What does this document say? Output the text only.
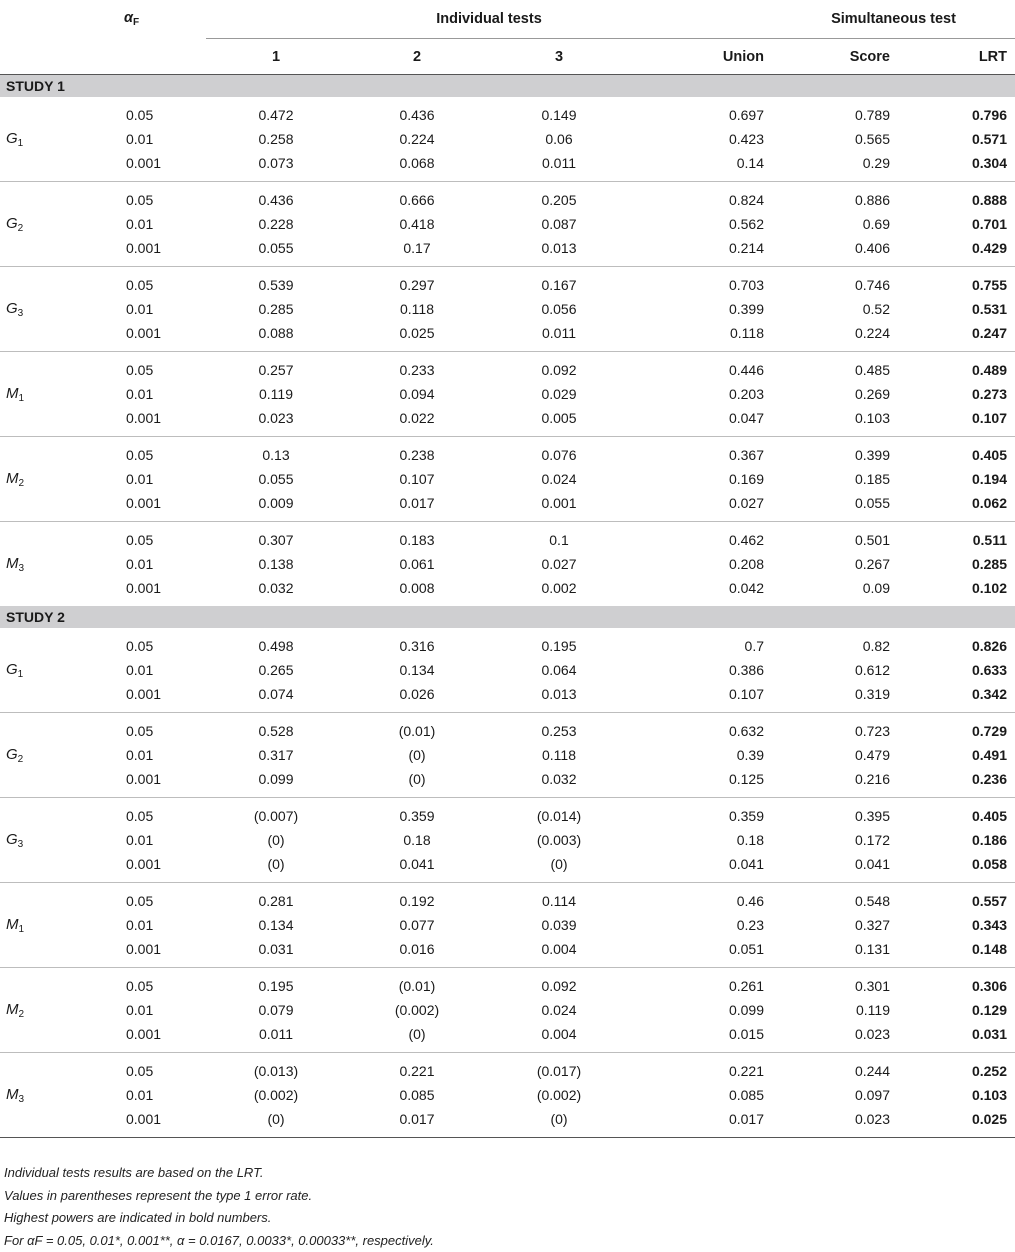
	$\alpha_F$	Individual tests				Simultaneous test	
		1	2	3	Union	Score	LRT
STUDY 1							
	0.05	0.472	0.436	0.149	0.697	0.789	0.796
$G_1$	0.01	0.258	0.224	0.06	0.423	0.565	0.571
	0.001	0.073	0.068	0.011	0.14	0.29	0.304
	0.05	0.436	0.666	0.205	0.824	0.886	0.888
$G_2$	0.01	0.228	0.418	0.087	0.562	0.69	0.701
	0.001	0.055	0.17	0.013	0.214	0.406	0.429
	0.05	0.539	0.297	0.167	0.703	0.746	0.755
$G_3$	0.01	0.285	0.118	0.056	0.399	0.52	0.531
	0.001	0.088	0.025	0.011	0.118	0.224	0.247
	0.05	0.257	0.233	0.092	0.446	0.485	0.489
$M_1$	0.01	0.119	0.094	0.029	0.203	0.269	0.273
	0.001	0.023	0.022	0.005	0.047	0.103	0.107
	0.05	0.13	0.238	0.076	0.367	0.399	0.405
$M_2$	0.01	0.055	0.107	0.024	0.169	0.185	0.194
	0.001	0.009	0.017	0.001	0.027	0.055	0.062
	0.05	0.307	0.183	0.1	0.462	0.501	0.511
$M_3$	0.01	0.138	0.061	0.027	0.208	0.267	0.285
	0.001	0.032	0.008	0.002	0.042	0.09	0.102
STUDY 2							
	0.05	0.498	0.316	0.195	0.7	0.82	0.826
$G_1$	0.01	0.265	0.134	0.064	0.386	0.612	0.633
	0.001	0.074	0.026	0.013	0.107	0.319	0.342
	0.05	0.528	(0.01)	0.253	0.632	0.723	0.729
$G_2$	0.01	0.317	(0)	0.118	0.39	0.479	0.491
	0.001	0.099	(0)	0.032	0.125	0.216	0.236
	0.05	(0.007)	0.359	(0.014)	0.359	0.395	0.405
$G_3$	0.01	(0)	0.18	(0.003)	0.18	0.172	0.186
	0.001	(0)	0.041	(0)	0.041	0.041	0.058
	0.05	0.281	0.192	0.114	0.46	0.548	0.557
$M_1$	0.01	0.134	0.077	0.039	0.23	0.327	0.343
	0.001	0.031	0.016	0.004	0.051	0.131	0.148
	0.05	0.195	(0.01)	0.092	0.261	0.301	0.306
$M_2$	0.01	0.079	(0.002)	0.024	0.099	0.119	0.129
	0.001	0.011	(0)	0.004	0.015	0.023	0.031
	0.05	(0.013)	0.221	(0.017)	0.221	0.244	0.252
$M_3$	0.01	(0.002)	0.085	(0.002)	0.085	0.097	0.103
	0.001	(0)	0.017	(0)	0.017	0.023	0.025
Individual tests results are based on the LRT.
Values in parentheses represent the type 1 error rate.
Highest powers are indicated in bold numbers.
For αF = 0.05, 0.01*, 0.001**, α = 0.0167, 0.0033*, 0.00033**, respectively.
